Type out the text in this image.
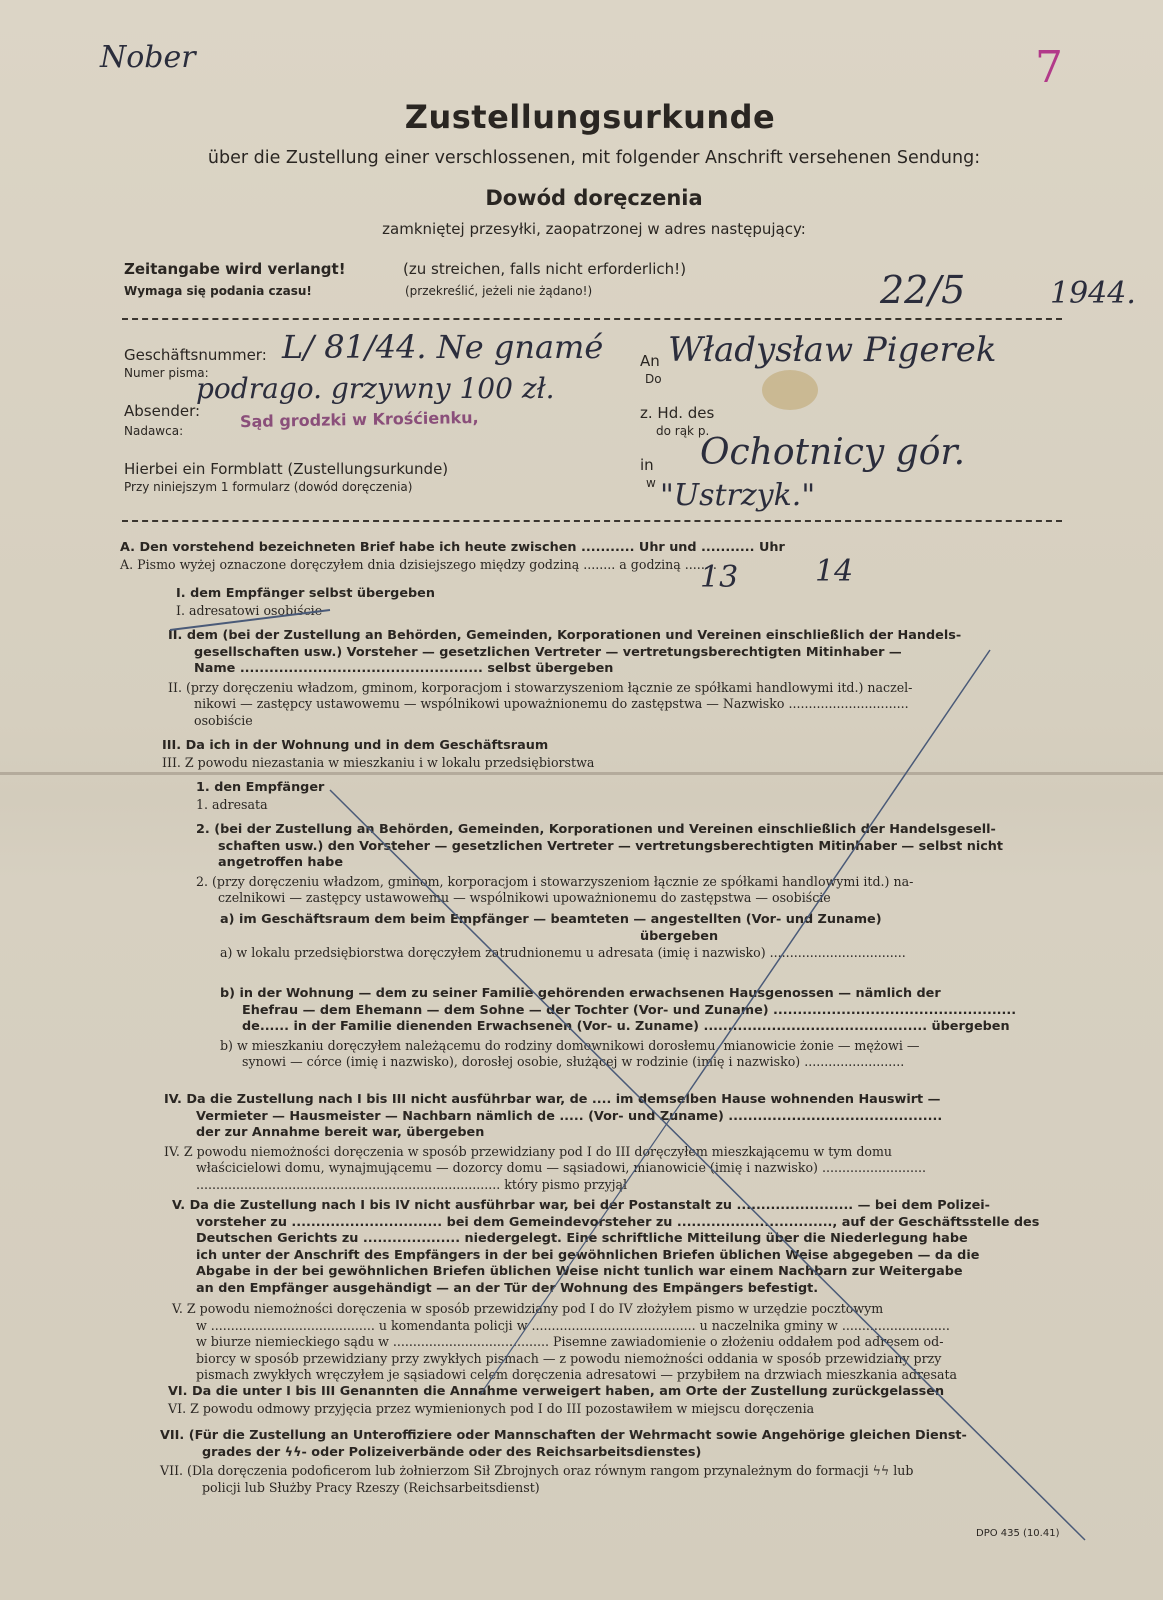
Nober	7
Zustellungsurkunde
über die Zustellung einer verschlossenen, mit folgender Anschrift versehenen Sendung:
Dowód doręczenia
zamkniętej przesyłki, zaopatrzonej w adres następujący:
Zeitangabe wird verlangt!
Wymaga się podania czasu!
(zu streichen, falls nicht erforderlich!)
(przekreślić, jeżeli nie żądano!)	22/5	1944.
Geschäftsnummer:
Numer pisma:
L/ 81/44. Ne gnamé
podrago. grzywny 100 zł.
Absender:
Nadawca:	Sąd grodzki w Krośćienku,
Hierbei ein Formblatt (Zustellungsurkunde)
Przy niniejszym 1 formularz (dowód doręczenia)
An
Do
Władysław Pigerek
z. Hd. des
do rąk p.
in
w
Ochotnicy gór.
"Ustrzyk."
A. Den vorstehend bezeichneten Brief habe ich heute zwischen ........... Uhr und ........... Uhr
A. Pismo wyżej oznaczone doręczyłem dnia dzisiejszego między godziną ........ a godziną ........
13	14
I. dem Empfänger selbst übergeben
I. adresatowi osobiście
II. dem (bei der Zustellung an Behörden, Gemeinden, Korporationen und Vereinen einschließlich der Handels-
gesellschaften usw.) Vorsteher — gesetzlichen Vertreter — vertretungsberechtigten Mitinhaber —
Name .................................................. selbst übergeben
II. (przy doręczeniu władzom, gminom, korporacjom i stowarzyszeniom łącznie ze spółkami handlowymi itd.) naczel-
nikowi — zastępcy ustawowemu — wspólnikowi upoważnionemu do zastępstwa — Nazwisko ..............................
osobiście
III. Da ich in der Wohnung und in dem Geschäftsraum
III. Z powodu niezastania w mieszkaniu i w lokalu przedsiębiorstwa
1. den Empfänger
1. adresata
2. (bei der Zustellung an Behörden, Gemeinden, Korporationen und Vereinen einschließlich der Handelsgesell-
schaften usw.) den Vorsteher — gesetzlichen Vertreter — vertretungsberechtigten Mitinhaber — selbst nicht
angetroffen habe
2. (przy doręczeniu władzom, gminom, korporacjom i stowarzyszeniom łącznie ze spółkami handlowymi itd.) na-
czelnikowi — zastępcy ustawowemu — wspólnikowi upoważnionemu do zastępstwa — osobiście
a) im Geschäftsraum dem beim Empfänger — beamteten — angestellten (Vor- und Zuname)
übergeben
a) w lokalu przedsiębiorstwa doręczyłem zatrudnionemu u adresata (imię i nazwisko) ..................................
b) in der Wohnung — dem zu seiner Familie gehörenden erwachsenen Hausgenossen — nämlich der
Ehefrau — dem Ehemann — dem Sohne — der Tochter (Vor- und Zuname) ..................................................
de...... in der Familie dienenden Erwachsenen (Vor- u. Zuname) .............................................. übergeben
b) w mieszkaniu doręczyłem należącemu do rodziny domownikowi dorosłemu, mianowicie żonie — mężowi —
synowi — córce (imię i nazwisko), dorosłej osobie, służącej w rodzinie (imię i nazwisko) .........................
IV. Da die Zustellung nach I bis III nicht ausführbar war, de .... im demselben Hause wohnenden Hauswirt —
Vermieter — Hausmeister — Nachbarn nämlich de ..... (Vor- und Zuname) ............................................
der zur Annahme bereit war, übergeben
IV. Z powodu niemożności doręczenia w sposób przewidziany pod I do III doręczyłem mieszkającemu w tym domu
właścicielowi domu, wynajmującemu — dozorcy domu — sąsiadowi, mianowicie (imię i nazwisko) ..........................
............................................................................ który pismo przyjął
V. Da die Zustellung nach I bis IV nicht ausführbar war, bei der Postanstalt zu ........................ — bei dem Polizei-
vorsteher zu ............................... bei dem Gemeindevorsteher zu ................................, auf der Geschäftsstelle des
Deutschen Gerichts zu .................... niedergelegt. Eine schriftliche Mitteilung über die Niederlegung habe
ich unter der Anschrift des Empfängers in der bei gewöhnlichen Briefen üblichen Weise abgegeben — da die
Abgabe in der bei gewöhnlichen Briefen üblichen Weise nicht tunlich war einem Nachbarn zur Weitergabe
an den Empfänger ausgehändigt — an der Tür der Wohnung des Empängers befestigt.
V. Z powodu niemożności doręczenia w sposób przewidziany pod I do IV złożyłem pismo w urzędzie pocztowym
w ......................................... u komendanta policji w ......................................... u naczelnika gminy w ...........................
w biurze niemieckiego sądu w ....................................... Pisemne zawiadomienie o złożeniu oddałem pod adresem od-
biorcy w sposób przewidziany przy zwykłych pismach — z powodu niemożności oddania w sposób przewidziany przy
pismach zwykłych wręczyłem je sąsiadowi celem doręczenia adresatowi — przybiłem na drzwiach mieszkania adresata
VI. Da die unter I bis III Genannten die Annahme verweigert haben, am Orte der Zustellung zurückgelassen
VI. Z powodu odmowy przyjęcia przez wymienionych pod I do III pozostawiłem w miejscu doręczenia
VII. (Für die Zustellung an Unteroffiziere oder Mannschaften der Wehrmacht sowie Angehörige gleichen Dienst-
grades der ϟϟ- oder Polizeiverbände oder des Reichsarbeitsdienstes)
VII. (Dla doręczenia podoficerom lub żołnierzom Sił Zbrojnych oraz równym rangom przynależnym do formacji ϟϟ lub
policji lub Służby Pracy Rzeszy (Reichsarbeitsdienst)
DPO 435 (10.41)
